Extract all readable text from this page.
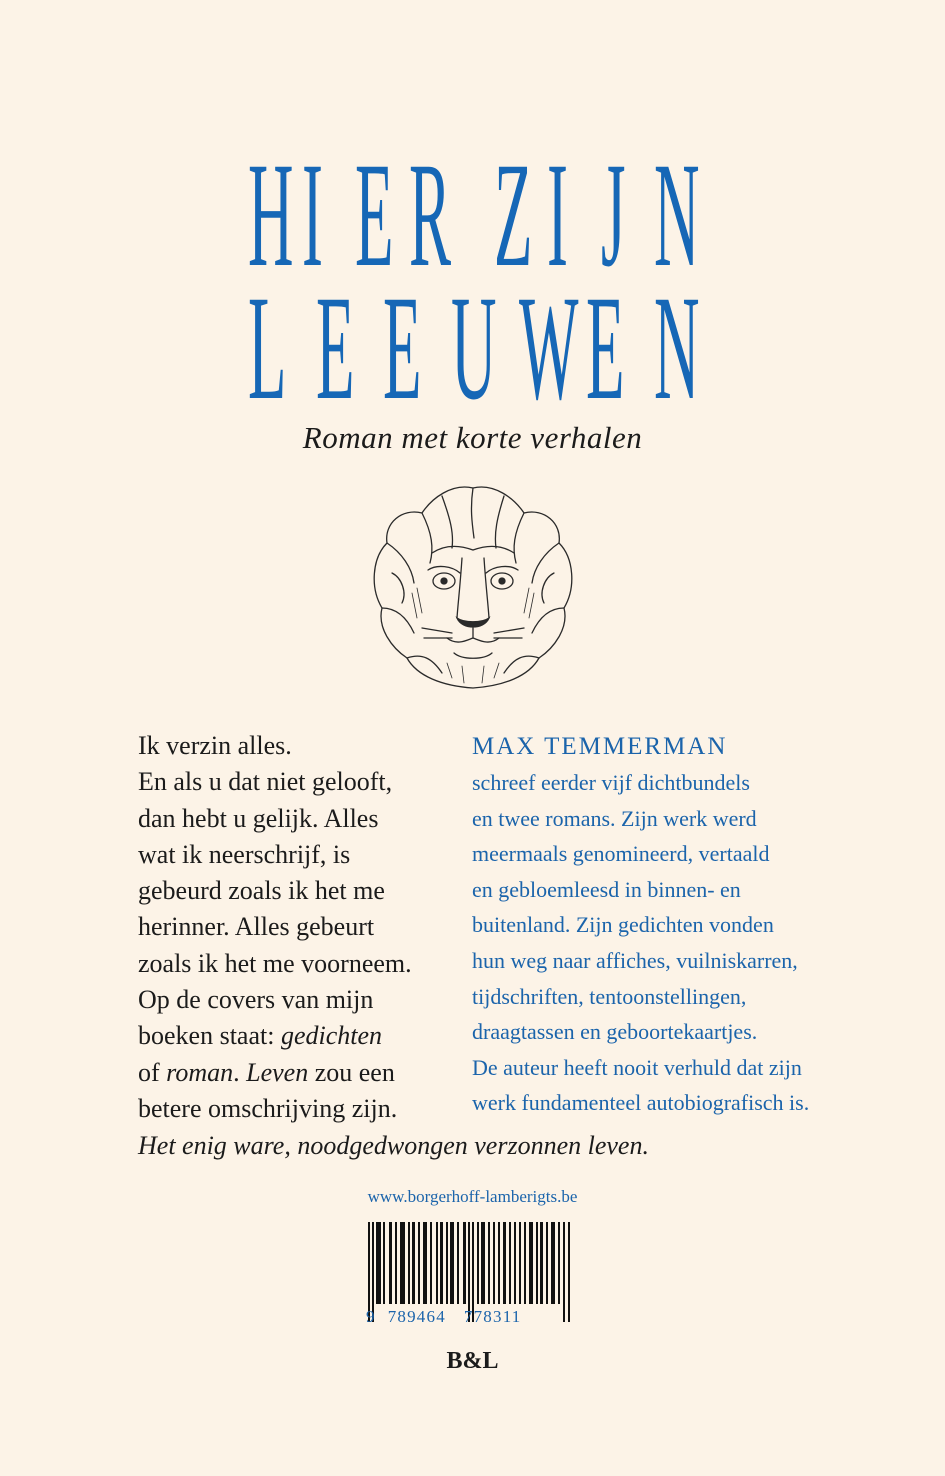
H I E R Z I J N
L E E U W E N
Roman met korte verhalen
Ik verzin alles.
En als u dat niet gelooft,
dan hebt u gelijk. Alles
wat ik neerschrijf, is
gebeurd zoals ik het me
herinner. Alles gebeurt
zoals ik het me voorneem.
Op de covers van mijn
boeken staat: gedichten
of roman. Leven zou een
betere omschrijving zijn.
Het enig ware, noodgedwongen verzonnen leven.
MAX TEMMERMAN
schreef eerder vijf dichtbundels
en twee romans. Zijn werk werd
meermaals genomineerd, vertaald
en gebloemleesd in binnen- en
buitenland. Zijn gedichten vonden
hun weg naar affiches, vuilniskarren,
tijdschriften, tentoonstellingen,
draagtassen en geboortekaartjes.
De auteur heeft nooit verhuld dat zijn
werk fundamenteel autobiografisch is.
www.borgerhoff-lamberigts.be
9 789464 778311
B&L
